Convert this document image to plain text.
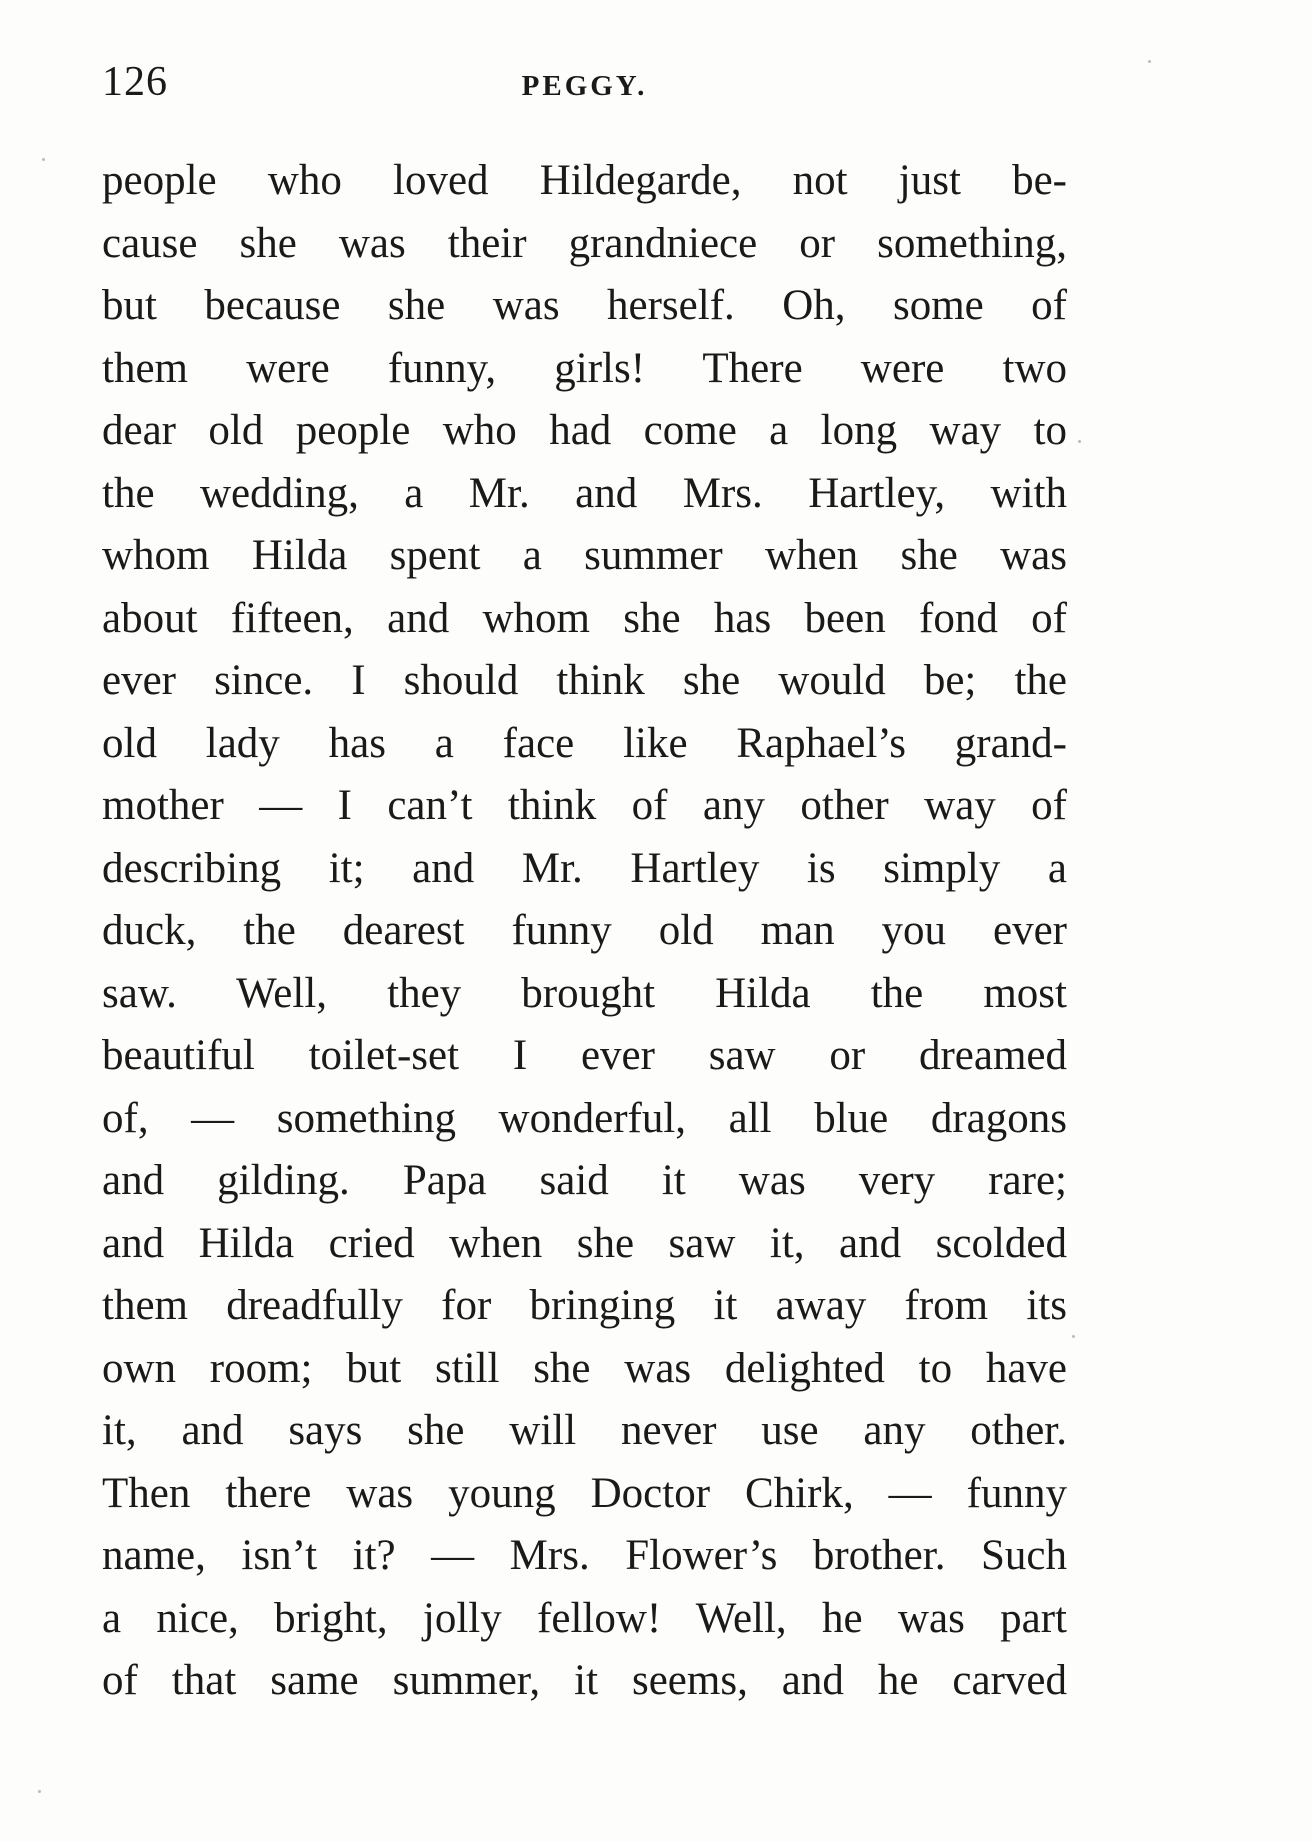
126	PEGGY.
people who loved Hildegarde, not just be-
cause she was their grandniece or something,
but because she was herself. Oh, some of
them were funny, girls! There were two
dear old people who had come a long way to
the wedding, a Mr. and Mrs. Hartley, with
whom Hilda spent a summer when she was
about fifteen, and whom she has been fond of
ever since. I should think she would be; the
old lady has a face like Raphael’s grand-
mother — I can’t think of any other way of
describing it; and Mr. Hartley is simply a
duck, the dearest funny old man you ever
saw. Well, they brought Hilda the most
beautiful toilet-set I ever saw or dreamed
of, — something wonderful, all blue dragons
and gilding. Papa said it was very rare;
and Hilda cried when she saw it, and scolded
them dreadfully for bringing it away from its
own room; but still she was delighted to have
it, and says she will never use any other.
Then there was young Doctor Chirk, — funny
name, isn’t it? — Mrs. Flower’s brother. Such
a nice, bright, jolly fellow! Well, he was part
of that same summer, it seems, and he carved
